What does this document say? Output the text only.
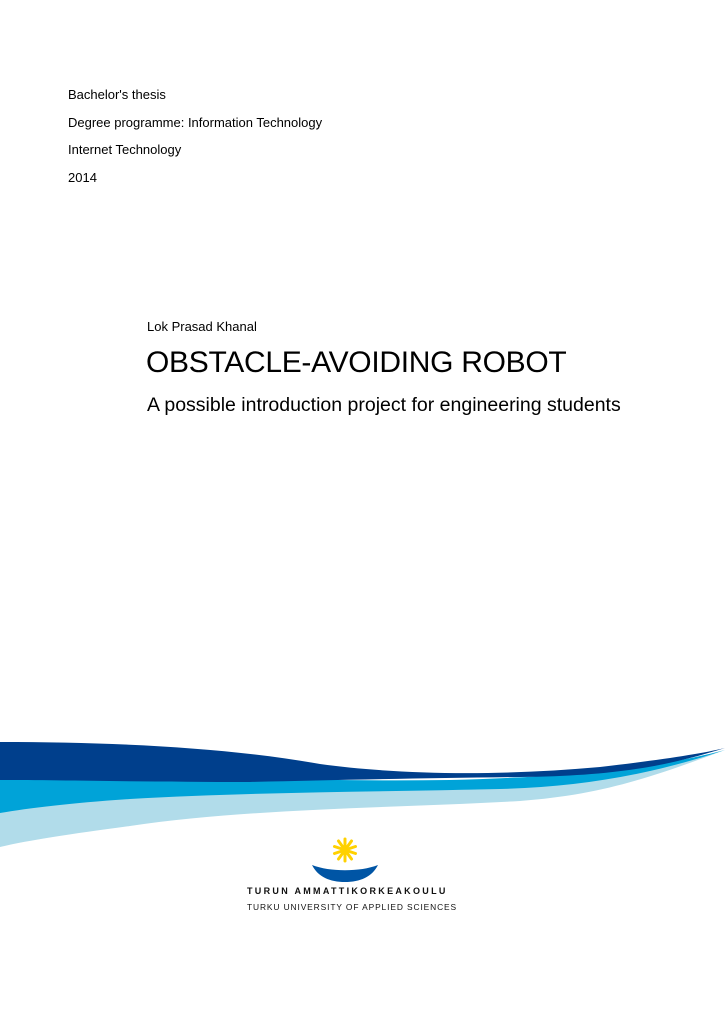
Bachelor's thesis
Degree programme: Information Technology
Internet Technology
2014
Lok Prasad Khanal
OBSTACLE-AVOIDING ROBOT
A possible introduction project for engineering students
TURUN AMMATTIKORKEAKOULU
TURKU UNIVERSITY OF APPLIED SCIENCES
